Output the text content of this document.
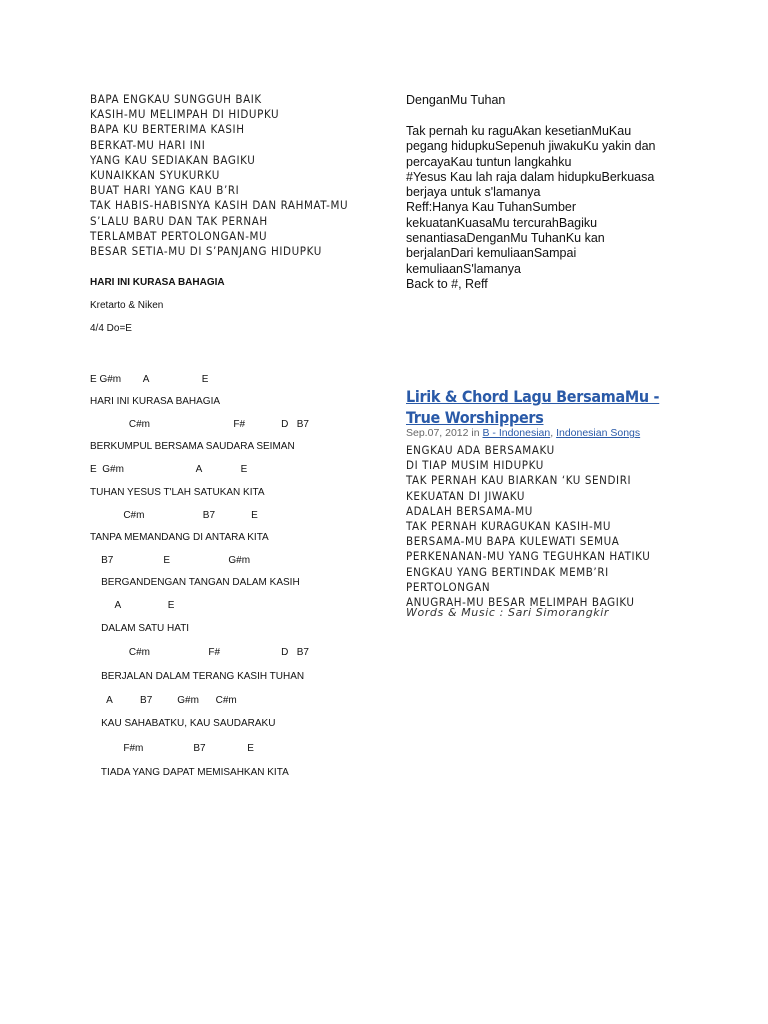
BAPA ENGKAU SUNGGUH BAIK
KASIH-MU MELIMPAH DI HIDUPKU
BAPA KU BERTERIMA KASIH
BERKAT-MU HARI INI
YANG KAU SEDIAKAN BAGIKU
KUNAIKKAN SYUKURKU
BUAT HARI YANG KAU B’RI
TAK HABIS-HABISNYA KASIH DAN RAHMAT-MU
S’LALU BARU DAN TAK PERNAH
TERLAMBAT PERTOLONGAN-MU
BESAR SETIA-MU DI S’PANJANG HIDUPKU
HARI INI KURASA BAHAGIA
Kretarto & Niken
4/4 Do=E
E G#m        A                   E
HARI INI KURASA BAHAGIA
C#m                              F#             D   B7
BERKUMPUL BERSAMA SAUDARA SEIMAN
E  G#m                          A              E
TUHAN YESUS T'LAH SATUKAN KITA
C#m                     B7             E
TANPA MEMANDANG DI ANTARA KITA
B7                  E                     G#m
BERGANDENGAN TANGAN DALAM KASIH
A                 E
DALAM SATU HATI
C#m                     F#                      D   B7
BERJALAN DALAM TERANG KASIH TUHAN
A          B7         G#m      C#m
KAU SAHABATKU, KAU SAUDARAKU
F#m                  B7               E
TIADA YANG DAPAT MEMISAHKAN KITA
DenganMu Tuhan
Tak pernah ku raguAkan kesetianMuKau
pegang hidupkuSepenuh jiwakuKu yakin dan
percayaKau tuntun langkahku
#Yesus Kau lah raja dalam hidupkuBerkuasa
berjaya untuk s'lamanya
Reff:Hanya Kau TuhanSumber
kekuatanKuasaMu tercurahBagiku
senantiasaDenganMu TuhanKu kan
berjalanDari kemuliaanSampai
kemuliaanS'lamanya
Back to #, Reff
Lirik & Chord Lagu BersamaMu -
True Worshippers
Sep.07, 2012 in B - Indonesian, Indonesian Songs
ENGKAU ADA BERSAMAKU
DI TIAP MUSIM HIDUPKU
TAK PERNAH KAU BIARKAN ‘KU SENDIRI
KEKUATAN DI JIWAKU
ADALAH BERSAMA-MU
TAK PERNAH KURAGUKAN KASIH-MU
BERSAMA-MU BAPA KULEWATI SEMUA
PERKENANAN-MU YANG TEGUHKAN HATIKU
ENGKAU YANG BERTINDAK MEMB’RI
PERTOLONGAN
ANUGRAH-MU BESAR MELIMPAH BAGIKU
Words & Music : Sari Simorangkir
